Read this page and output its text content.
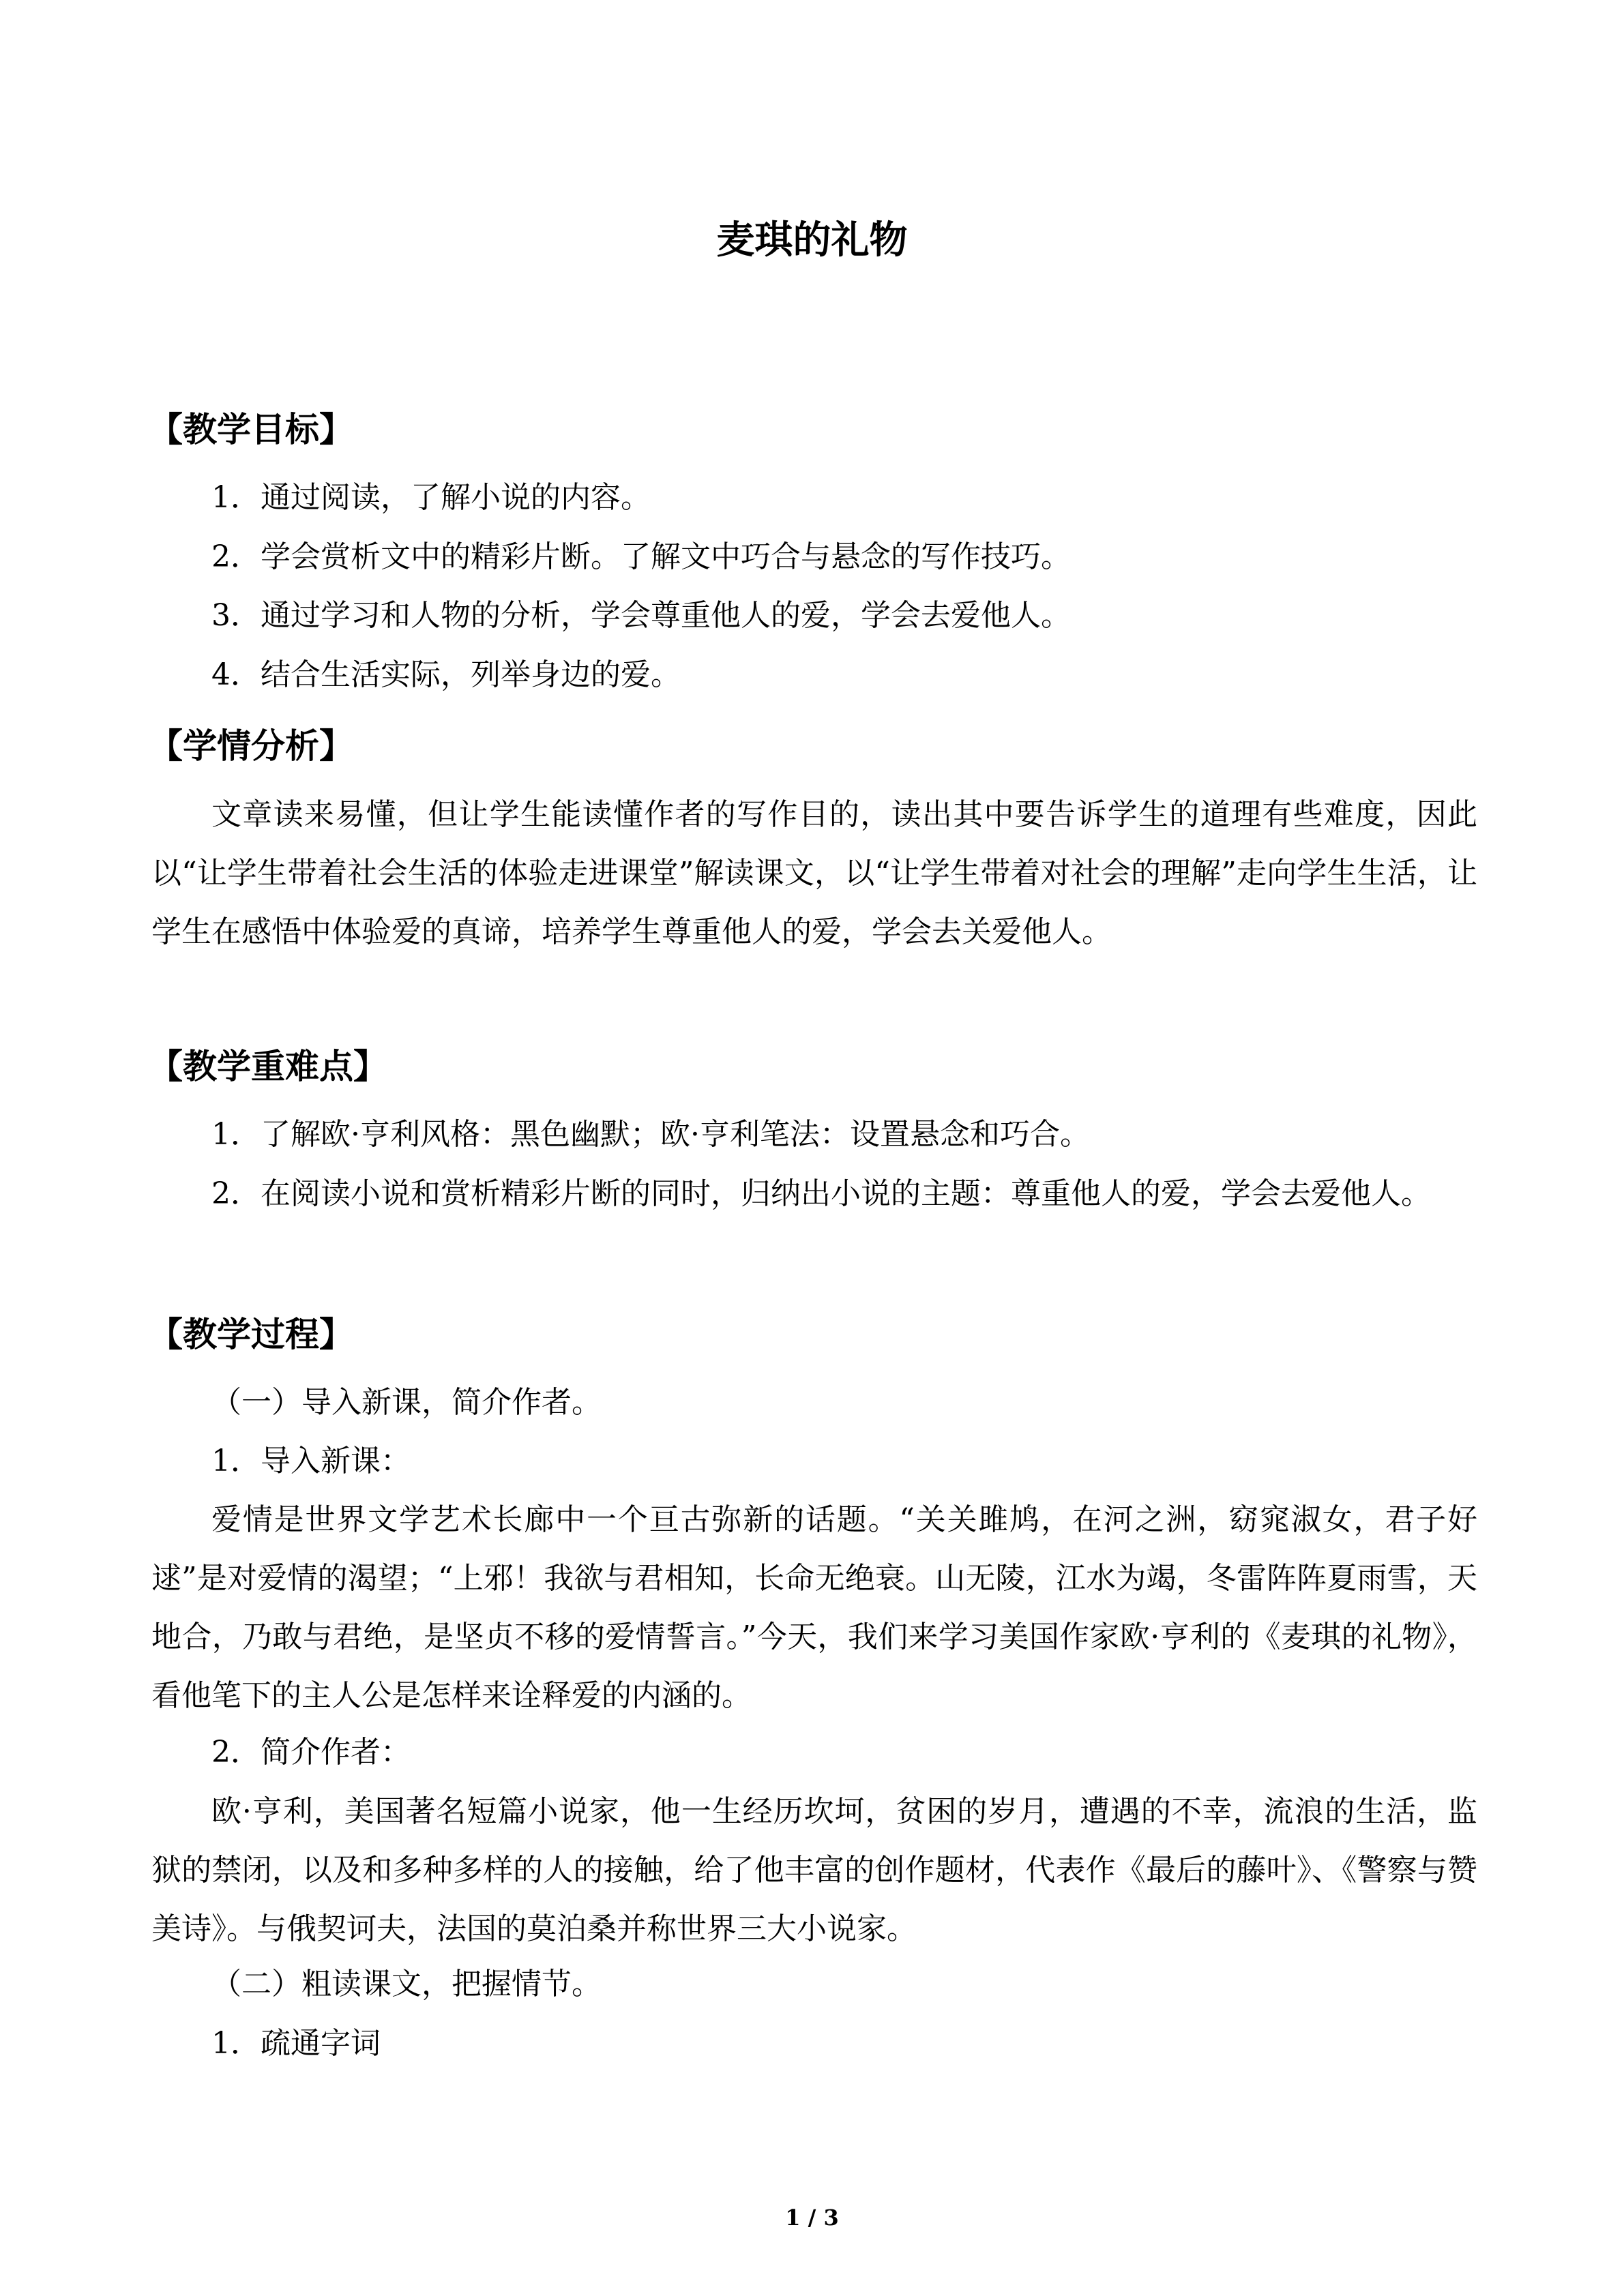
麦琪的礼物
【教学目标】

1．通过阅读，了解小说的内容。

2．学会赏析文中的精彩片断。了解文中巧合与悬念的写作技巧。

3．通过学习和人物的分析，学会尊重他人的爱，学会去爱他人。

4．结合生活实际，列举身边的爱。

【学情分析】

文章读来易懂，但让学生能读懂作者的写作目的，读出其中要告诉学生的道理有些难度，因此以“让学生带着社会生活的体验走进课堂”解读课文，以“让学生带着对社会的理解”走向学生生活，让学生在感悟中体验爱的真谛，培养学生尊重他人的爱，学会去关爱他人。

【教学重难点】

1．了解欧·亨利风格：黑色幽默；欧·亨利笔法：设置悬念和巧合。

2．在阅读小说和赏析精彩片断的同时，归纳出小说的主题：尊重他人的爱，学会去爱他人。

【教学过程】

（一）导入新课，简介作者。

1．导入新课：

爱情是世界文学艺术长廊中一个亘古弥新的话题。“关关雎鸠，在河之洲，窈窕淑女，君子好逑”是对爱情的渴望；“上邪！我欲与君相知，长命无绝衰。山无陵，江水为竭，冬雷阵阵夏雨雪，天地合，乃敢与君绝，是坚贞不移的爱情誓言。”今天，我们来学习美国作家欧·亨利的《麦琪的礼物》，看他笔下的主人公是怎样来诠释爱的内涵的。

2．简介作者：

欧·亨利，美国著名短篇小说家，他一生经历坎坷，贫困的岁月，遭遇的不幸，流浪的生活，监狱的禁闭，以及和多种多样的人的接触，给了他丰富的创作题材，代表作《最后的藤叶》、《警察与赞美诗》。与俄契诃夫，法国的莫泊桑并称世界三大小说家。

（二）粗读课文，把握情节。

1．疏通字词

1 / 3
